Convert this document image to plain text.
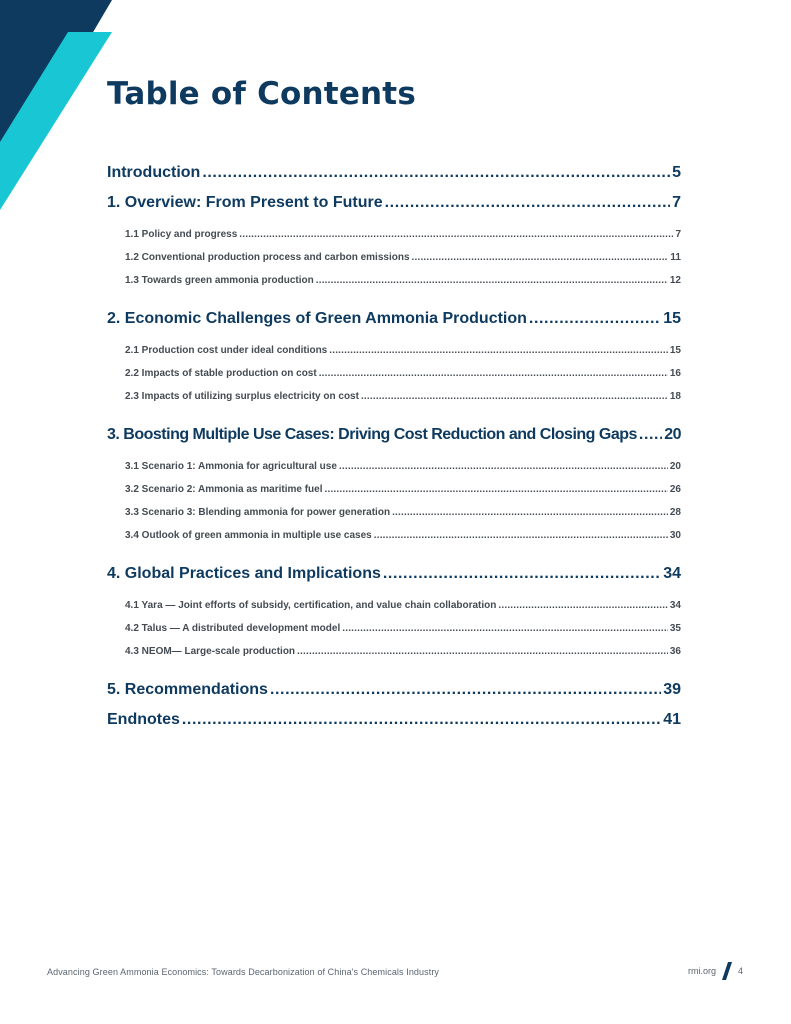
Table of Contents
Introduction .....	5
1. Overview: From Present to Future .....	7
1.1 Policy and progress .....	7
1.2 Conventional production process and carbon emissions .....	11
1.3 Towards green ammonia production .....	12
2. Economic Challenges of Green Ammonia Production .....	15
2.1 Production cost under ideal conditions .....	15
2.2 Impacts of stable production on cost .....	16
2.3 Impacts of utilizing surplus electricity on cost .....	18
3. Boosting Multiple Use Cases: Driving Cost Reduction and Closing Gaps ..... 20
3.1 Scenario 1: Ammonia for agricultural use .....	20
3.2 Scenario 2: Ammonia as maritime fuel .....	26
3.3 Scenario 3: Blending ammonia for power generation .....	28
3.4 Outlook of green ammonia in multiple use cases .....	30
4. Global Practices and Implications .....	34
4.1 Yara — Joint efforts of subsidy, certification, and value chain collaboration .....	34
4.2 Talus — A distributed development model .....	35
4.3 NEOM— Large-scale production .....	36
5. Recommendations .....	39
Endnotes .....	41
Advancing Green Ammonia Economics: Towards Decarbonization of China's Chemicals Industry	rmi.org 4
